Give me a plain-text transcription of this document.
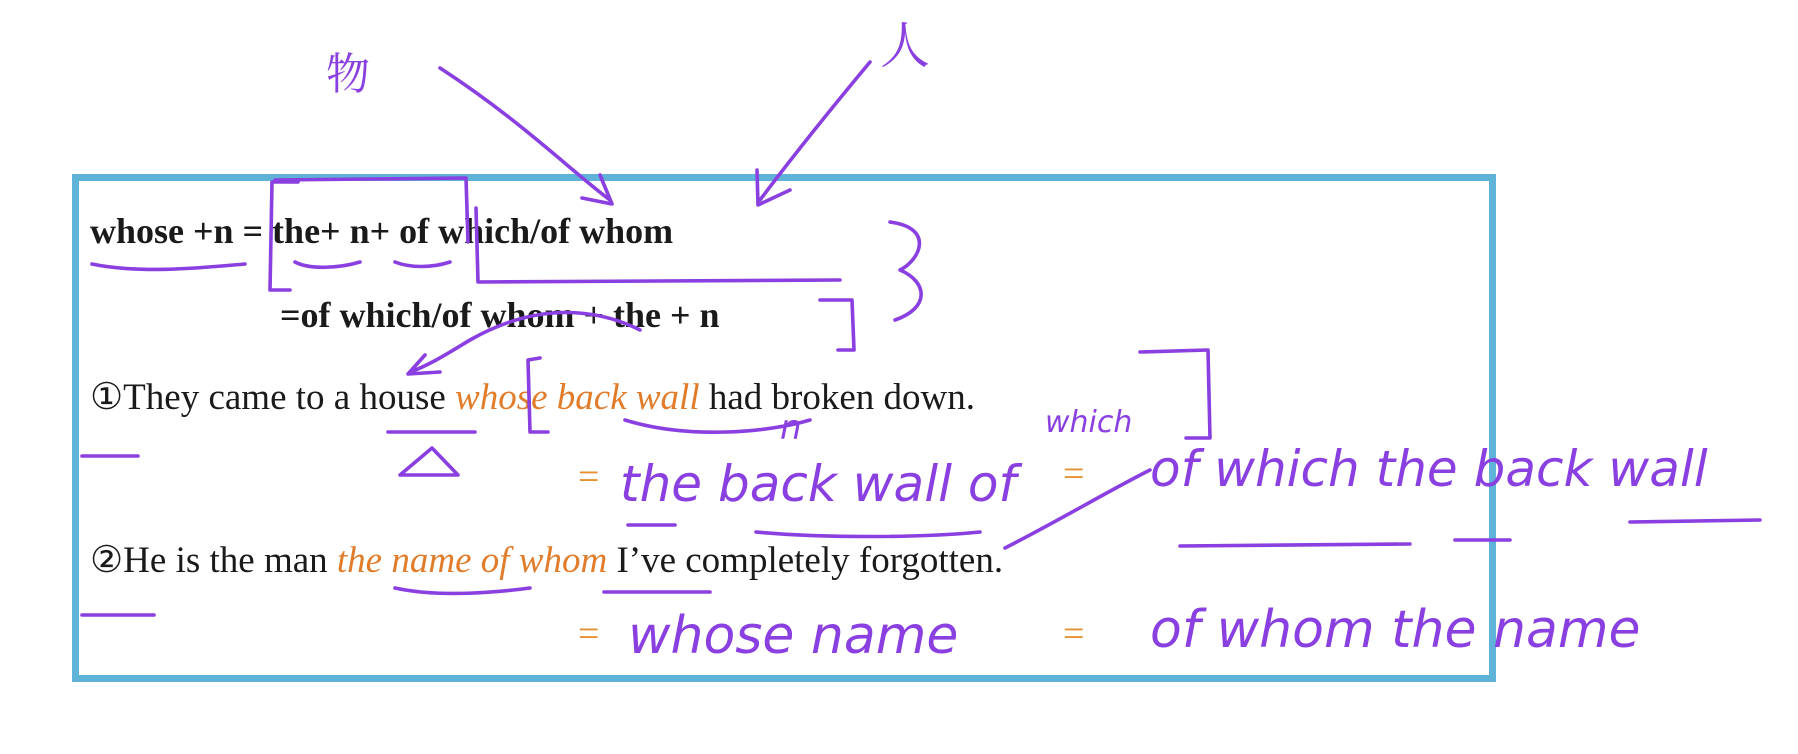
whose +n = the+ n+ of which/of whom
=of which/of whom + the + n
①They came to a house whose back wall had broken down.
=	=
the back wall of	of which the back wall
②He is the man the name of whom I’ve completely forgotten.
=	=
whose name	of whom the name
物	人
n	which
